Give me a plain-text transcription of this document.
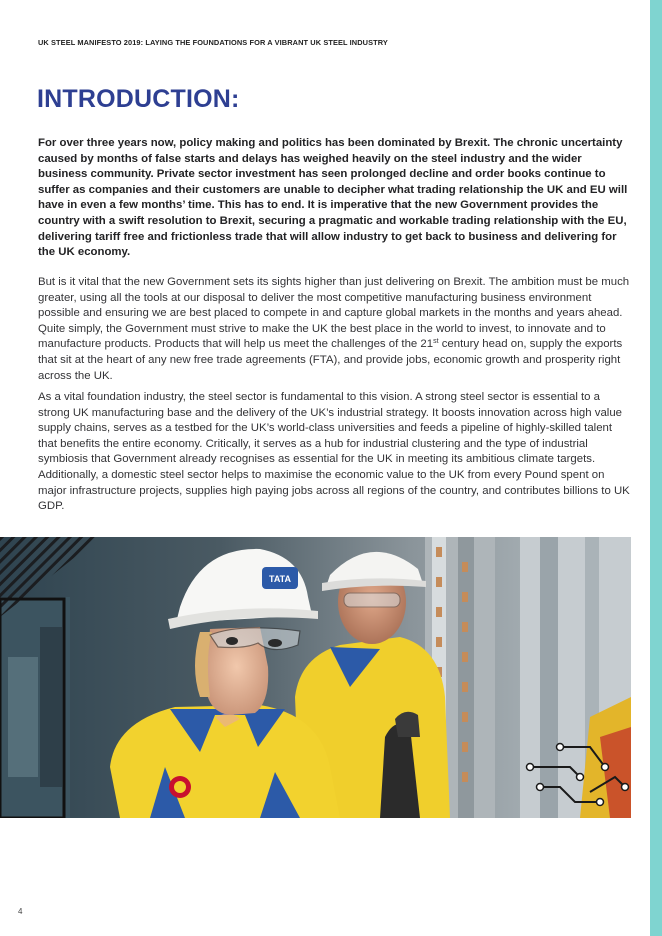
UK STEEL MANIFESTO 2019: LAYING THE FOUNDATIONS FOR A VIBRANT UK STEEL INDUSTRY
INTRODUCTION:

For over three years now, policy making and politics has been dominated by Brexit. The chronic uncertainty caused by months of false starts and delays has weighed heavily on the steel industry and the wider business community. Private sector investment has seen prolonged decline and order books continue to suffer as companies and their customers are unable to decipher what trading relationship the UK and EU will have in even a few months’ time. This has to end. It is imperative that the new Government provides the country with a swift resolution to Brexit, securing a pragmatic and workable trading relationship with the EU, delivering tariff free and frictionless trade that will allow industry to get back to business and delivering for the UK economy.

But is it vital that the new Government sets its sights higher than just delivering on Brexit. The ambition must be much greater, using all the tools at our disposal to deliver the most competitive manufacturing business environment possible and ensuring we are best placed to compete in and capture global markets in the months and years ahead. Quite simply, the Government must strive to make the UK the best place in the world to invest, to innovate and to manufacture products. Products that will help us meet the challenges of the 21st century head on, supply the exports that sit at the heart of any new free trade agreements (FTA), and provide jobs, economic growth and prosperity right across the UK.

As a vital foundation industry, the steel sector is fundamental to this vision. A strong steel sector is essential to a strong UK manufacturing base and the delivery of the UK’s industrial strategy. It boosts innovation across high value supply chains, serves as a testbed for the UK’s world-class universities and feeds a pipeline of highly-skilled talent that benefits the entire economy. Critically, it serves as a hub for industrial clustering and the type of industrial symbiosis that Government already recognises as essential for the UK in meeting its ambitious climate targets. Additionally, a domestic steel sector helps to maximise the economic value to the UK from every Pound spent on major infrastructure projects, supplies high paying jobs across all regions of the country, and contributes billions to UK GDP.

TATA
4
